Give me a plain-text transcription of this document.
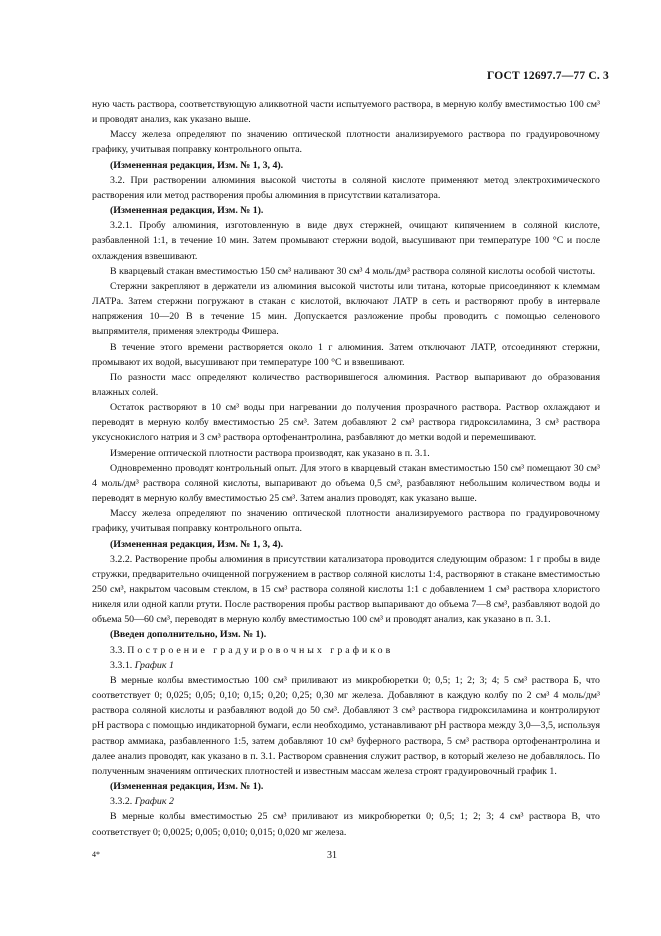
ГОСТ 12697.7—77 С. 3

ную часть раствора, соответствующую аликвотной части испытуемого раствора, в мерную колбу вместимостью 100 см³ и проводят анализ, как указано выше.

Массу железа определяют по значению оптической плотности анализируемого раствора по градуировочному графику, учитывая поправку контрольного опыта.

(Измененная редакция, Изм. № 1, 3, 4).

3.2. При растворении алюминия высокой чистоты в соляной кислоте применяют метод электрохимического растворения или метод растворения пробы алюминия в присутствии катализатора.

(Измененная редакция, Изм. № 1).

3.2.1. Пробу алюминия, изготовленную в виде двух стержней, очищают кипячением в соляной кислоте, разбавленной 1:1, в течение 10 мин. Затем промывают стержни водой, высушивают при температуре 100 °С и после охлаждения взвешивают.

В кварцевый стакан вместимостью 150 см³ наливают 30 см³ 4 моль/дм³ раствора соляной кислоты особой чистоты.

Стержни закрепляют в держатели из алюминия высокой чистоты или титана, которые присоединяют к клеммам ЛАТРа. Затем стержни погружают в стакан с кислотой, включают ЛАТР в сеть и растворяют пробу в интервале напряжения 10—20 В в течение 15 мин. Допускается разложение пробы проводить с помощью селенового выпрямителя, применяя электроды Фишера.

В течение этого времени растворяется около 1 г алюминия. Затем отключают ЛАТР, отсоединяют стержни, промывают их водой, высушивают при температуре 100 °С и взвешивают.

По разности масс определяют количество растворившегося алюминия. Раствор выпаривают до образования влажных солей.

Остаток растворяют в 10 см³ воды при нагревании до получения прозрачного раствора. Раствор охлаждают и переводят в мерную колбу вместимостью 25 см³. Затем добавляют 2 см³ раствора гидроксиламина, 3 см³ раствора уксуснокислого натрия и 3 см³ раствора ортофенантролина, разбавляют до метки водой и перемешивают.

Измерение оптической плотности раствора производят, как указано в п. 3.1.

Одновременно проводят контрольный опыт. Для этого в кварцевый стакан вместимостью 150 см³ помещают 30 см³ 4 моль/дм³ раствора соляной кислоты, выпаривают до объема 0,5 см³, разбавляют небольшим количеством воды и переводят в мерную колбу вместимостью 25 см³. Затем анализ проводят, как указано выше.

Массу железа определяют по значению оптической плотности анализируемого раствора по градуировочному графику, учитывая поправку контрольного опыта.

(Измененная редакция, Изм. № 1, 3, 4).

3.2.2. Растворение пробы алюминия в присутствии катализатора проводится следующим образом: 1 г пробы в виде стружки, предварительно очищенной погружением в раствор соляной кислоты 1:4, растворяют в стакане вместимостью 250 см³, накрытом часовым стеклом, в 15 см³ раствора соляной кислоты 1:1 с добавлением 1 см³ раствора хлористого никеля или одной капли ртути. После растворения пробы раствор выпаривают до объема 7—8 см³, разбавляют водой до объема 50—60 см³, переводят в мерную колбу вместимостью 100 см³ и проводят анализ, как указано в п. 3.1.

(Введен дополнительно, Изм. № 1).

3.3. Построение градуировочных графиков

3.3.1. График 1

В мерные колбы вместимостью 100 см³ приливают из микробюретки 0; 0,5; 1; 2; 3; 4; 5 см³ раствора Б, что соответствует 0; 0,025; 0,05; 0,10; 0,15; 0,20; 0,25; 0,30 мг железа. Добавляют в каждую колбу по 2 см³ 4 моль/дм³ раствора соляной кислоты и разбавляют водой до 50 см³. Добавляют 3 см³ раствора гидроксиламина и контролируют рН раствора с помощью индикаторной бумаги, если необходимо, устанавливают рН раствора между 3,0—3,5, используя раствор аммиака, разбавленного 1:5, затем добавляют 10 см³ буферного раствора, 5 см³ раствора ортофенантролина и далее анализ проводят, как указано в п. 3.1. Раствором сравнения служит раствор, в который железо не добавлялось. По полученным значениям оптических плотностей и известным массам железа строят градуировочный график 1.

(Измененная редакция, Изм. № 1).

3.3.2. График 2

В мерные колбы вместимостью 25 см³ приливают из микробюретки 0; 0,5; 1; 2; 3; 4 см³ раствора В, что соответствует 0; 0,0025; 0,005; 0,010; 0,015; 0,020 мг железа.

4*	31
